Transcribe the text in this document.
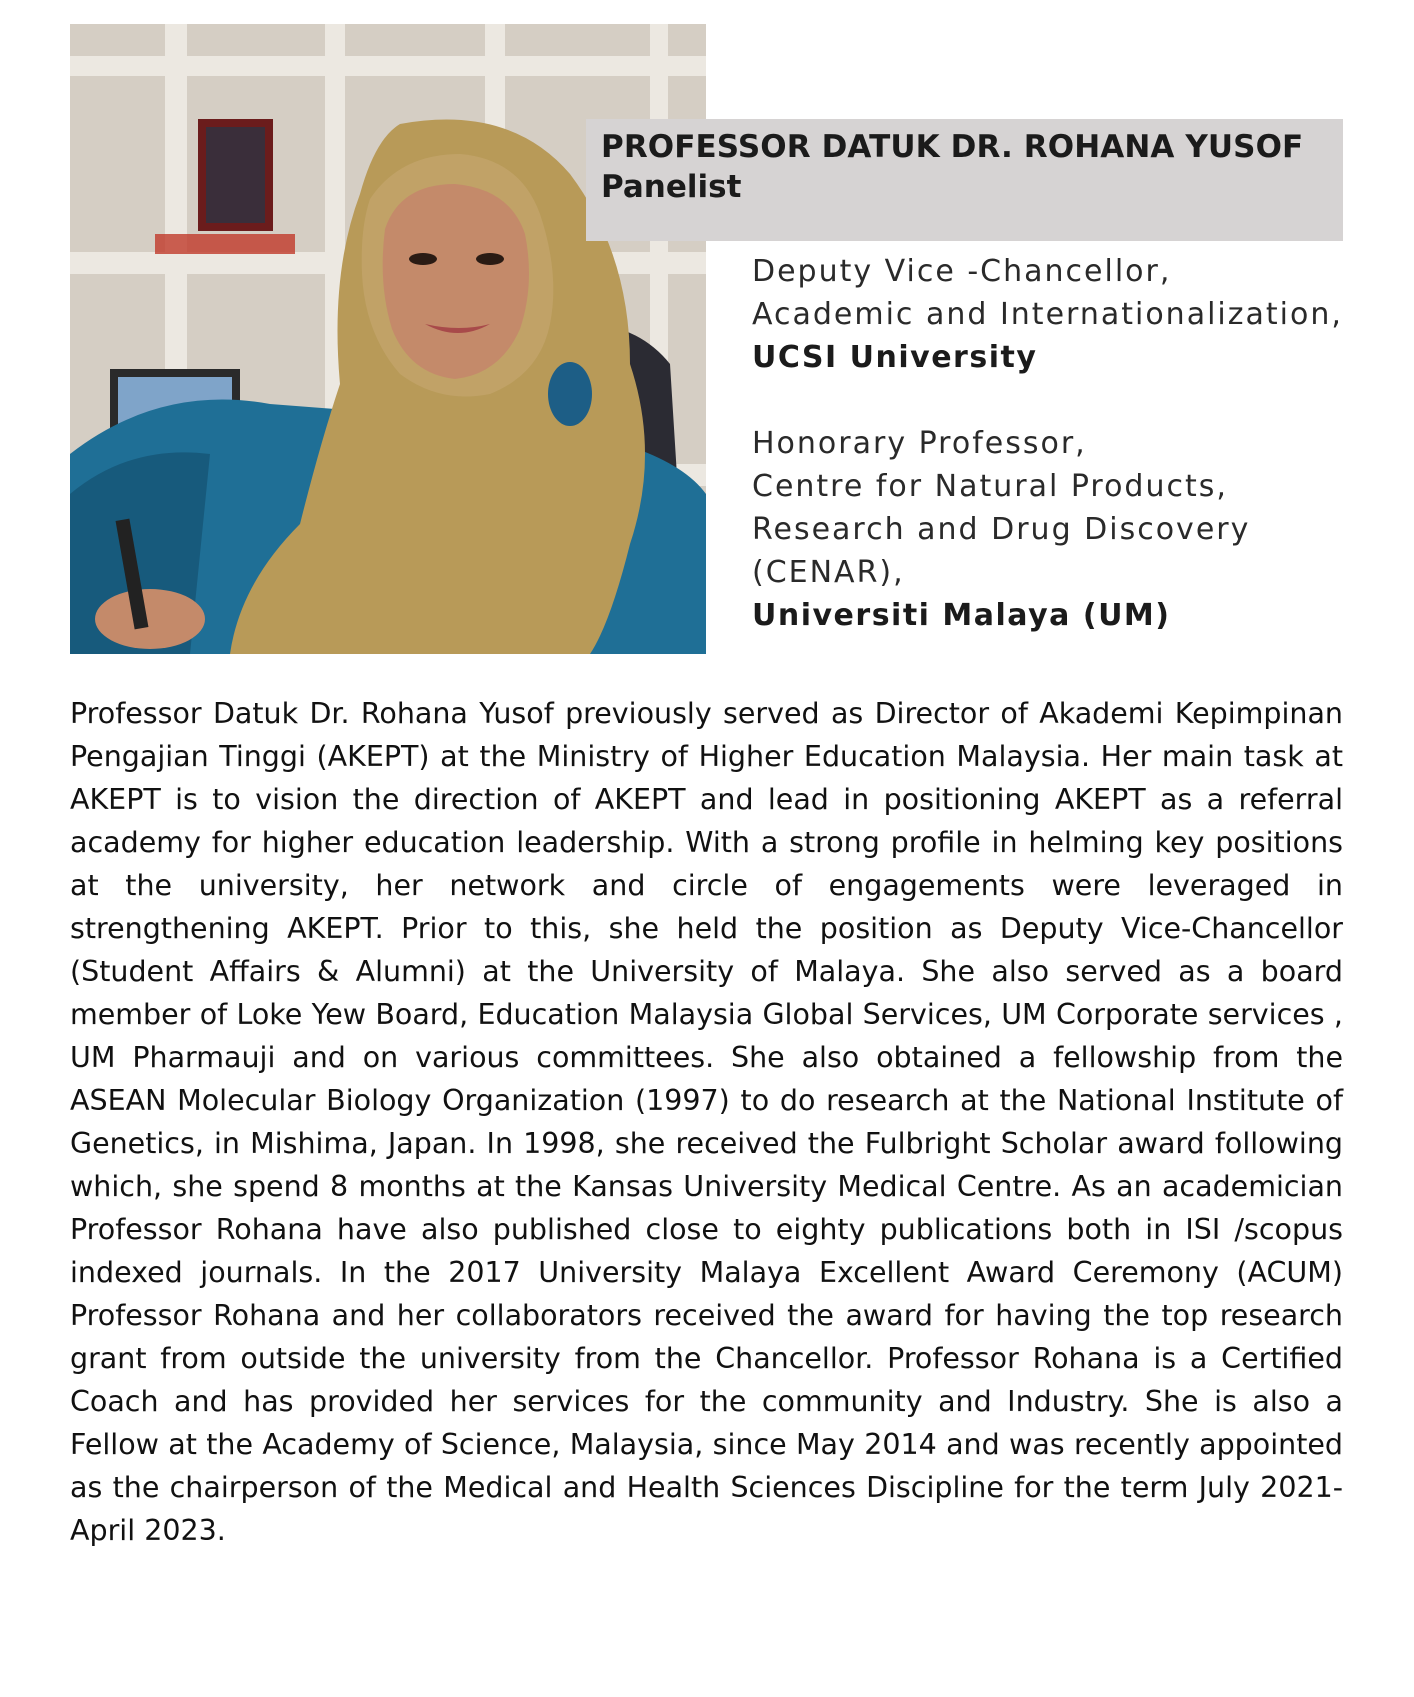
PROFESSOR DATUK DR. ROHANA YUSOF
Panelist
Deputy Vice -Chancellor,
Academic and Internationalization,
UCSI University
Honorary Professor,
Centre for Natural Products,
Research and Drug Discovery
(CENAR),
Universiti Malaya (UM)
Professor Datuk Dr. Rohana Yusof previously served as Director of Akademi Kepimpinan Pengajian Tinggi (AKEPT) at the Ministry of Higher Education Malaysia. Her main task at AKEPT is to vision the direction of AKEPT and lead in positioning AKEPT as a referral academy for higher education leadership. With a strong profile in helming key positions at the university, her network and circle of engagements were leveraged in strengthening AKEPT. Prior to this, she held the position as Deputy Vice-Chancellor (Student Affairs & Alumni) at the University of Malaya. She also served as a board member of Loke Yew Board, Education Malaysia Global Services, UM Corporate services , UM Pharmauji and on various committees. She also obtained a fellowship from the ASEAN Molecular Biology Organization (1997) to do research at the National Institute of Genetics, in Mishima, Japan. In 1998, she received the Fulbright Scholar award following which, she spend 8 months at the Kansas University Medical Centre. As an academician Professor Rohana have also published close to eighty publications both in ISI /scopus indexed journals. In the 2017 University Malaya Excellent Award Ceremony (ACUM) Professor Rohana and her collaborators received the award for having the top research grant from outside the university from the Chancellor. Professor Rohana is a Certified Coach and has provided her services for the community and Industry. She is also a Fellow at the Academy of Science, Malaysia, since May 2014 and was recently appointed as the chairperson of the Medical and Health Sciences Discipline for the term July 2021-April 2023.
